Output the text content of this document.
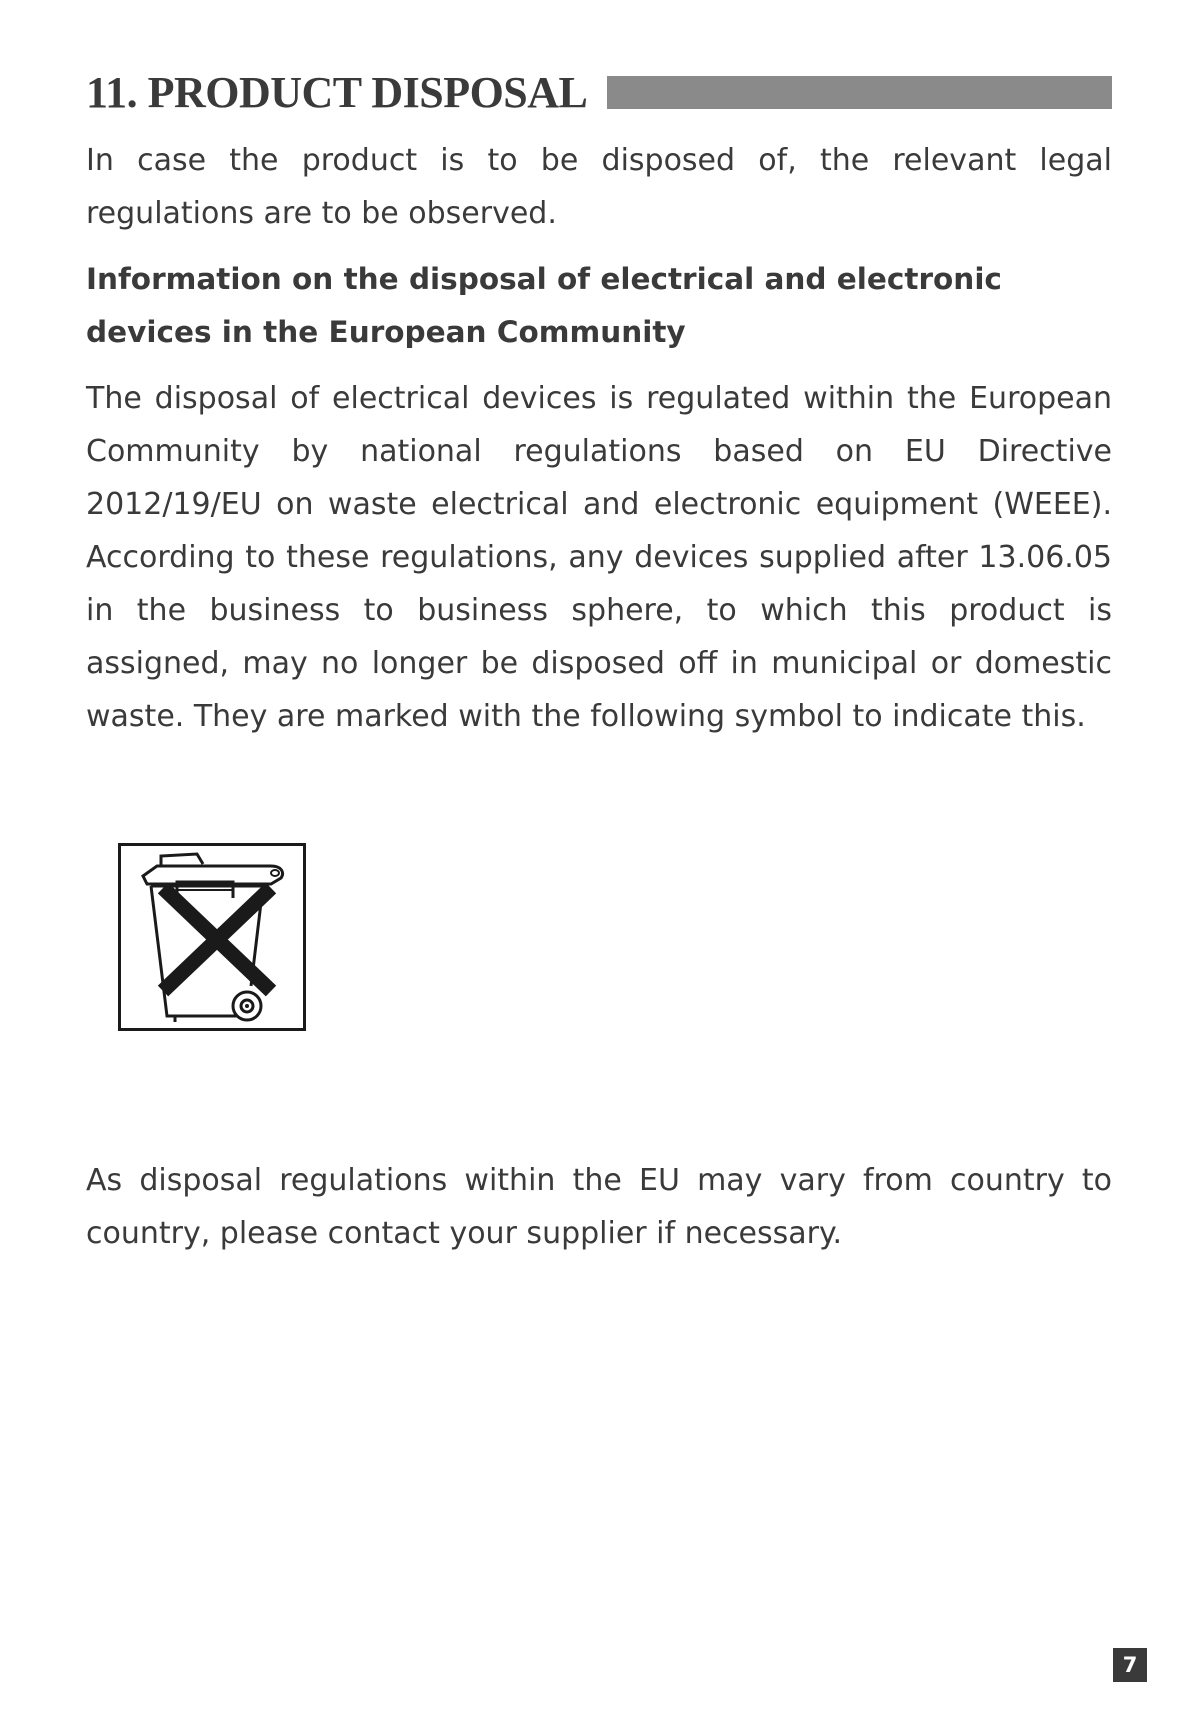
11. PRODUCT DISPOSAL

In case the product is to be disposed of, the relevant legal regulations are to be observed.

Information on the disposal of electrical and electronic devices in the European Community

The disposal of electrical devices is regulated within the European Community by national regulations based on EU Directive 2012/19/EU on waste electrical and electronic equipment (WEEE). According to these regulations, any devices supplied after 13.06.05 in the business to business sphere, to which this product is assigned, may no longer be disposed off in municipal or domestic waste. They are marked with the following symbol to indicate this.

As disposal regulations within the EU may vary from country to country, please contact your supplier if necessary.

7
